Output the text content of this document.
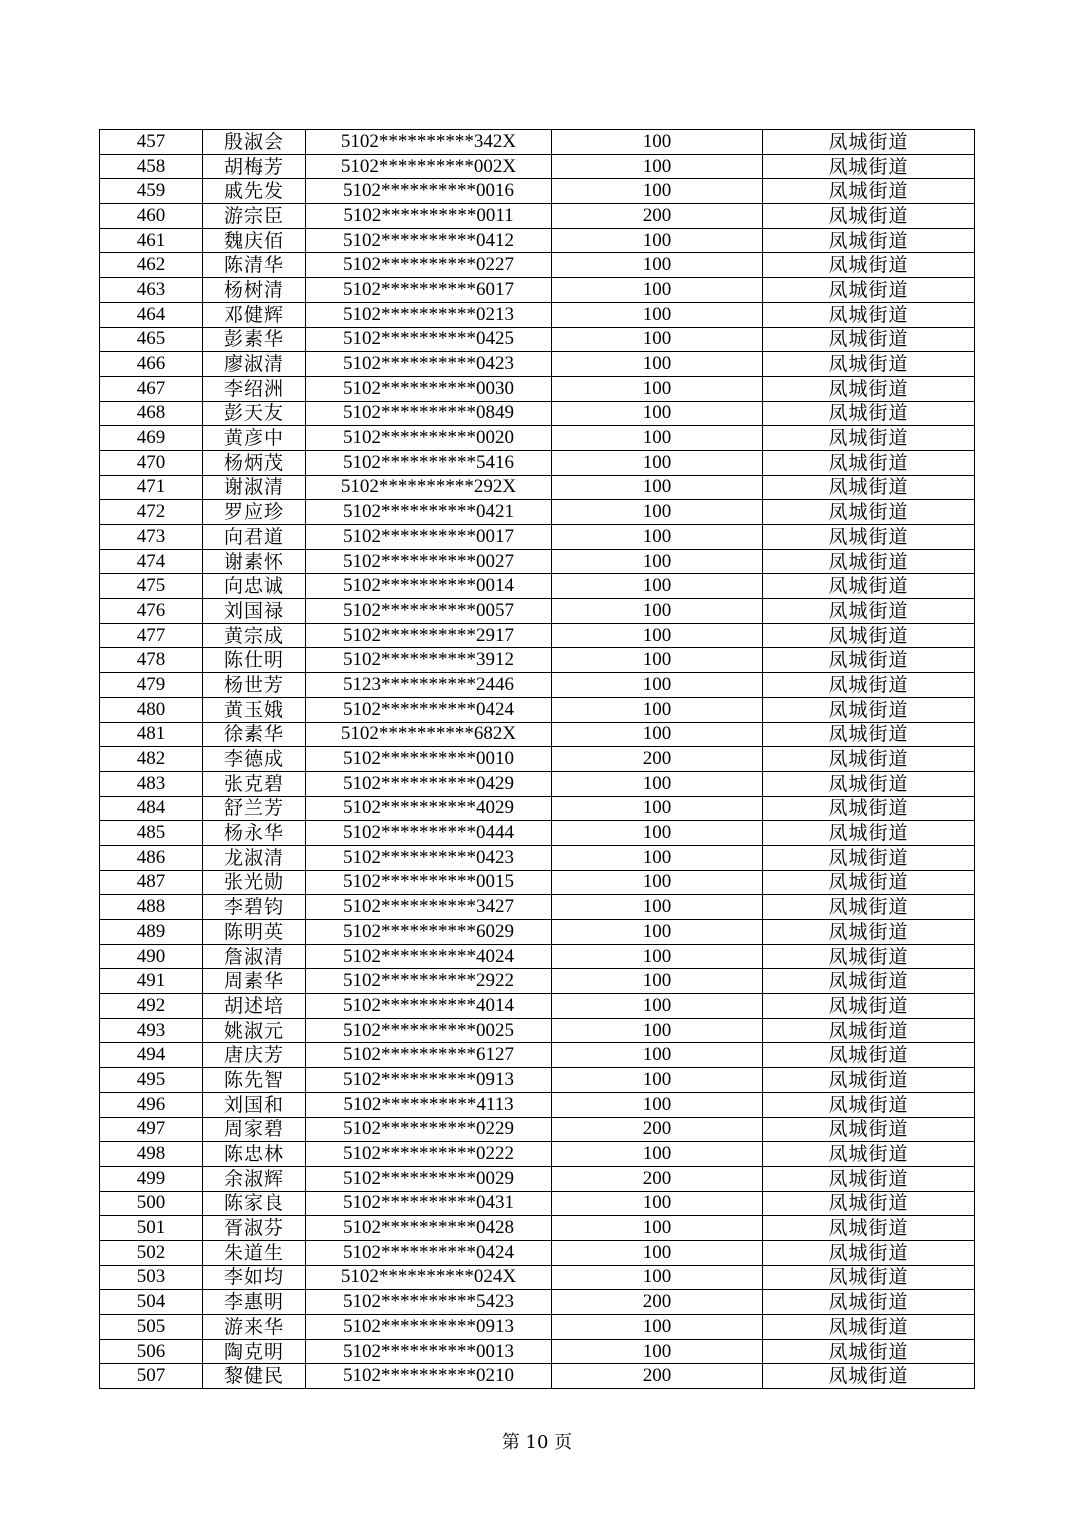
457	殷淑会	5102**********342X	100	凤城街道
458	胡梅芳	5102**********002X	100	凤城街道
459	戚先发	5102**********0016	100	凤城街道
460	游宗臣	5102**********0011	200	凤城街道
461	魏庆佰	5102**********0412	100	凤城街道
462	陈清华	5102**********0227	100	凤城街道
463	杨树清	5102**********6017	100	凤城街道
464	邓健辉	5102**********0213	100	凤城街道
465	彭素华	5102**********0425	100	凤城街道
466	廖淑清	5102**********0423	100	凤城街道
467	李绍洲	5102**********0030	100	凤城街道
468	彭天友	5102**********0849	100	凤城街道
469	黄彦中	5102**********0020	100	凤城街道
470	杨炳茂	5102**********5416	100	凤城街道
471	谢淑清	5102**********292X	100	凤城街道
472	罗应珍	5102**********0421	100	凤城街道
473	向君道	5102**********0017	100	凤城街道
474	谢素怀	5102**********0027	100	凤城街道
475	向忠诚	5102**********0014	100	凤城街道
476	刘国禄	5102**********0057	100	凤城街道
477	黄宗成	5102**********2917	100	凤城街道
478	陈仕明	5102**********3912	100	凤城街道
479	杨世芳	5123**********2446	100	凤城街道
480	黄玉娥	5102**********0424	100	凤城街道
481	徐素华	5102**********682X	100	凤城街道
482	李德成	5102**********0010	200	凤城街道
483	张克碧	5102**********0429	100	凤城街道
484	舒兰芳	5102**********4029	100	凤城街道
485	杨永华	5102**********0444	100	凤城街道
486	龙淑清	5102**********0423	100	凤城街道
487	张光勋	5102**********0015	100	凤城街道
488	李碧钧	5102**********3427	100	凤城街道
489	陈明英	5102**********6029	100	凤城街道
490	詹淑清	5102**********4024	100	凤城街道
491	周素华	5102**********2922	100	凤城街道
492	胡述培	5102**********4014	100	凤城街道
493	姚淑元	5102**********0025	100	凤城街道
494	唐庆芳	5102**********6127	100	凤城街道
495	陈先智	5102**********0913	100	凤城街道
496	刘国和	5102**********4113	100	凤城街道
497	周家碧	5102**********0229	200	凤城街道
498	陈忠林	5102**********0222	100	凤城街道
499	余淑辉	5102**********0029	200	凤城街道
500	陈家良	5102**********0431	100	凤城街道
501	胥淑芬	5102**********0428	100	凤城街道
502	朱道生	5102**********0424	100	凤城街道
503	李如均	5102**********024X	100	凤城街道
504	李惠明	5102**********5423	200	凤城街道
505	游来华	5102**********0913	100	凤城街道
506	陶克明	5102**********0013	100	凤城街道
507	黎健民	5102**********0210	200	凤城街道
第 10 页
